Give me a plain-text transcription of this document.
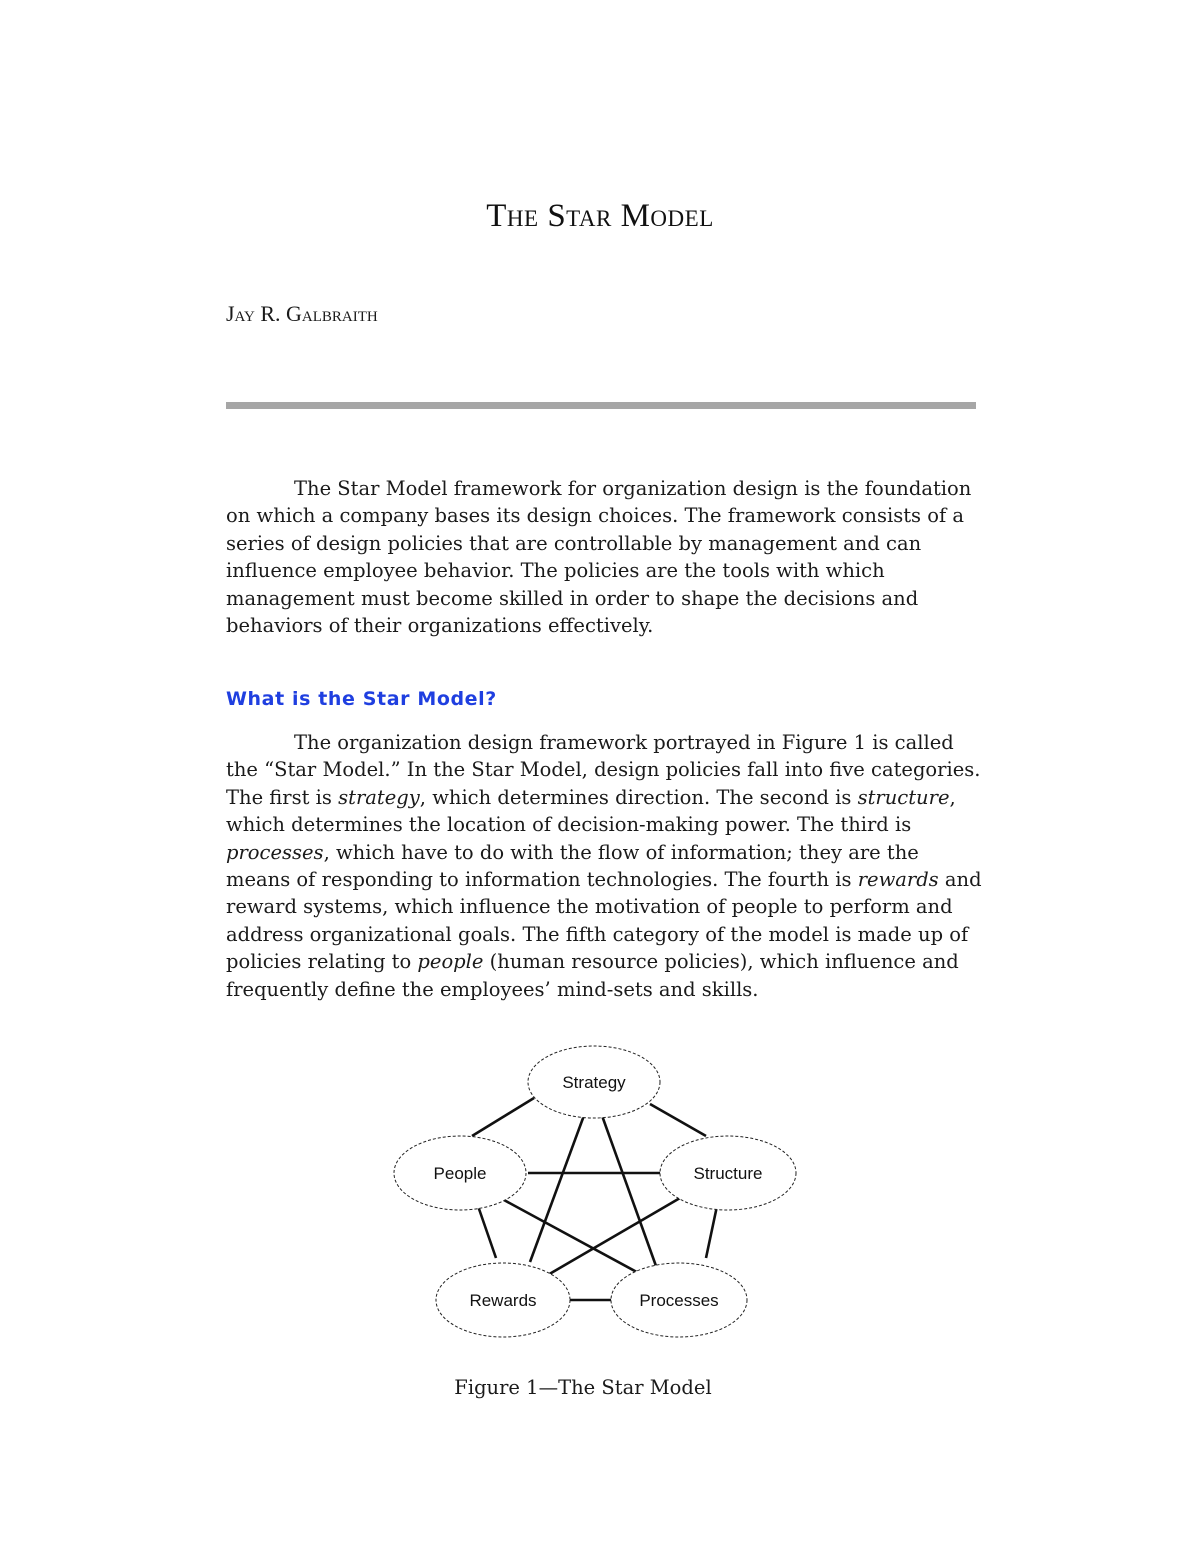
The Star Model
Jay R. Galbraith

The Star Model framework for organization design is the foundation on which a company bases its design choices. The framework consists of a series of design policies that are controllable by management and can influence employee behavior. The policies are the tools with which management must become skilled in order to shape the decisions and behaviors of their organizations effectively.

What is the Star Model?

The organization design framework portrayed in Figure 1 is called the “Star Model.” In the Star Model, design policies fall into five categories. The first is strategy, which determines direction. The second is structure, which determines the location of decision-making power. The third is processes, which have to do with the flow of information; they are the means of responding to information technologies. The fourth is rewards and reward systems, which influence the motivation of people to perform and address organizational goals. The fifth category of the model is made up of policies relating to people (human resource policies), which influence and frequently define the employees’ mind-sets and skills.

Strategy
People	Structure
Rewards	Processes
Figure 1—The Star Model
